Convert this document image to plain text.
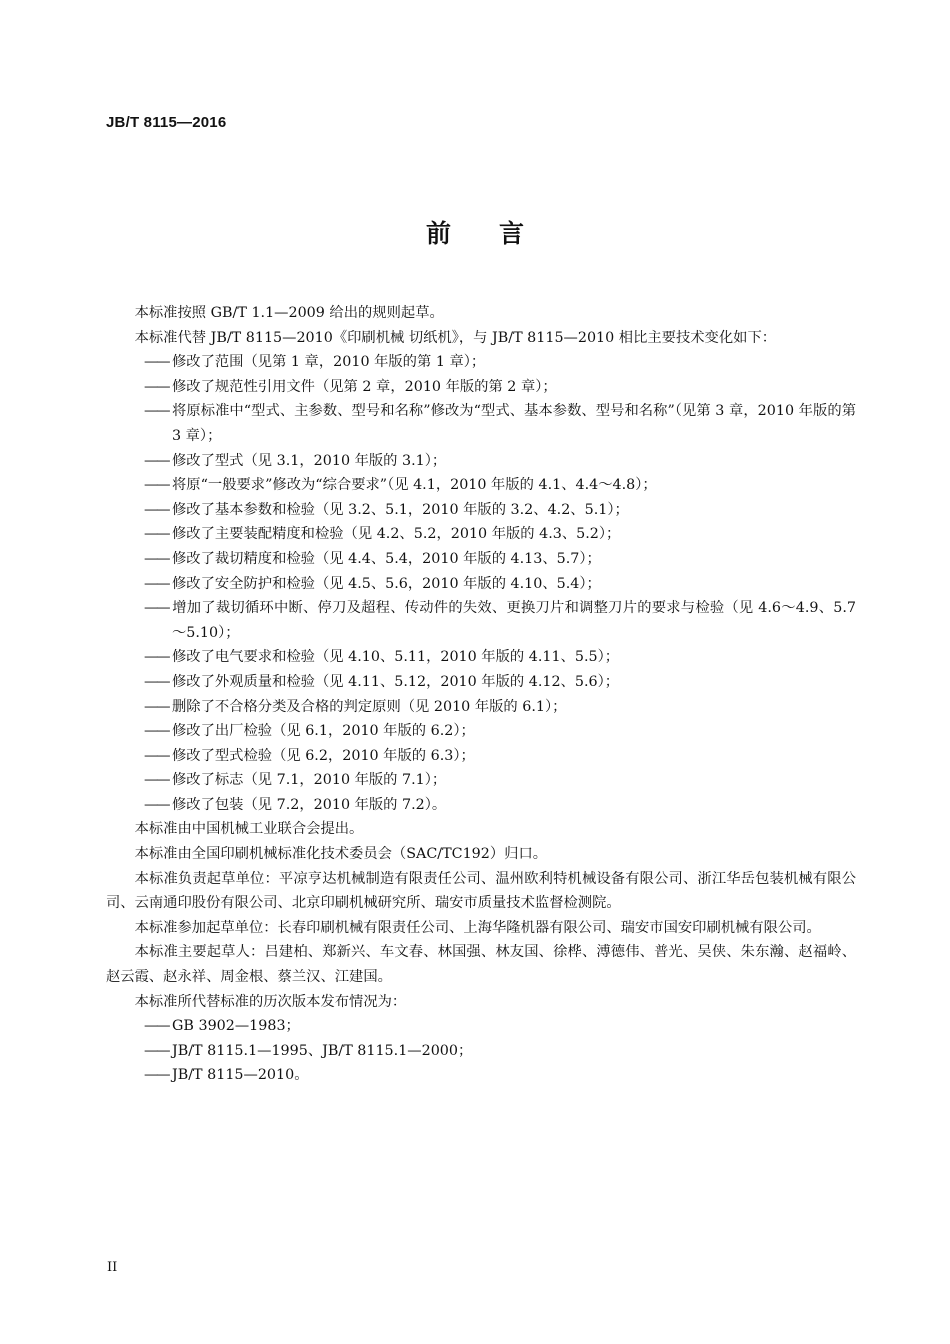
JB/T 8115—2016
前言

本标准按照 GB/T 1.1—2009 给出的规则起草。

本标准代替 JB/T 8115—2010《印刷机械 切纸机》，与 JB/T 8115—2010 相比主要技术变化如下：

—— 修改了范围（见第 1 章，2010 年版的第 1 章）；

—— 修改了规范性引用文件（见第 2 章，2010 年版的第 2 章）；

—— 将原标准中“型式、主参数、型号和名称”修改为“型式、基本参数、型号和名称”（见第 3 章，2010 年版的第 3 章）；

—— 修改了型式（见 3.1，2010 年版的 3.1）；

—— 将原“一般要求”修改为“综合要求”（见 4.1，2010 年版的 4.1、4.4～4.8）；

—— 修改了基本参数和检验（见 3.2、5.1，2010 年版的 3.2、4.2、5.1）；

—— 修改了主要装配精度和检验（见 4.2、5.2，2010 年版的 4.3、5.2）；

—— 修改了裁切精度和检验（见 4.4、5.4，2010 年版的 4.13、5.7）；

—— 修改了安全防护和检验（见 4.5、5.6，2010 年版的 4.10、5.4）；

—— 增加了裁切循环中断、停刀及超程、传动件的失效、更换刀片和调整刀片的要求与检验（见 4.6～4.9、5.7～5.10）；

—— 修改了电气要求和检验（见 4.10、5.11，2010 年版的 4.11、5.5）；

—— 修改了外观质量和检验（见 4.11、5.12，2010 年版的 4.12、5.6）；

—— 删除了不合格分类及合格的判定原则（见 2010 年版的 6.1）；

—— 修改了出厂检验（见 6.1，2010 年版的 6.2）；

—— 修改了型式检验（见 6.2，2010 年版的 6.3）；

—— 修改了标志（见 7.1，2010 年版的 7.1）；

—— 修改了包装（见 7.2，2010 年版的 7.2）。

本标准由中国机械工业联合会提出。

本标准由全国印刷机械标准化技术委员会（SAC/TC192）归口。

本标准负责起草单位：平凉亨达机械制造有限责任公司、温州欧利特机械设备有限公司、浙江华岳包装机械有限公司、云南通印股份有限公司、北京印刷机械研究所、瑞安市质量技术监督检测院。

本标准参加起草单位：长春印刷机械有限责任公司、上海华隆机器有限公司、瑞安市国安印刷机械有限公司。

本标准主要起草人：吕建柏、郑新兴、车文春、林国强、林友国、徐桦、溥德伟、普光、吴侠、朱东瀚、赵福岭、赵云霞、赵永祥、周金根、蔡兰汉、江建国。

本标准所代替标准的历次版本发布情况为：

—— GB 3902—1983；

—— JB/T 8115.1—1995、JB/T 8115.1—2000；

—— JB/T 8115—2010。

II
